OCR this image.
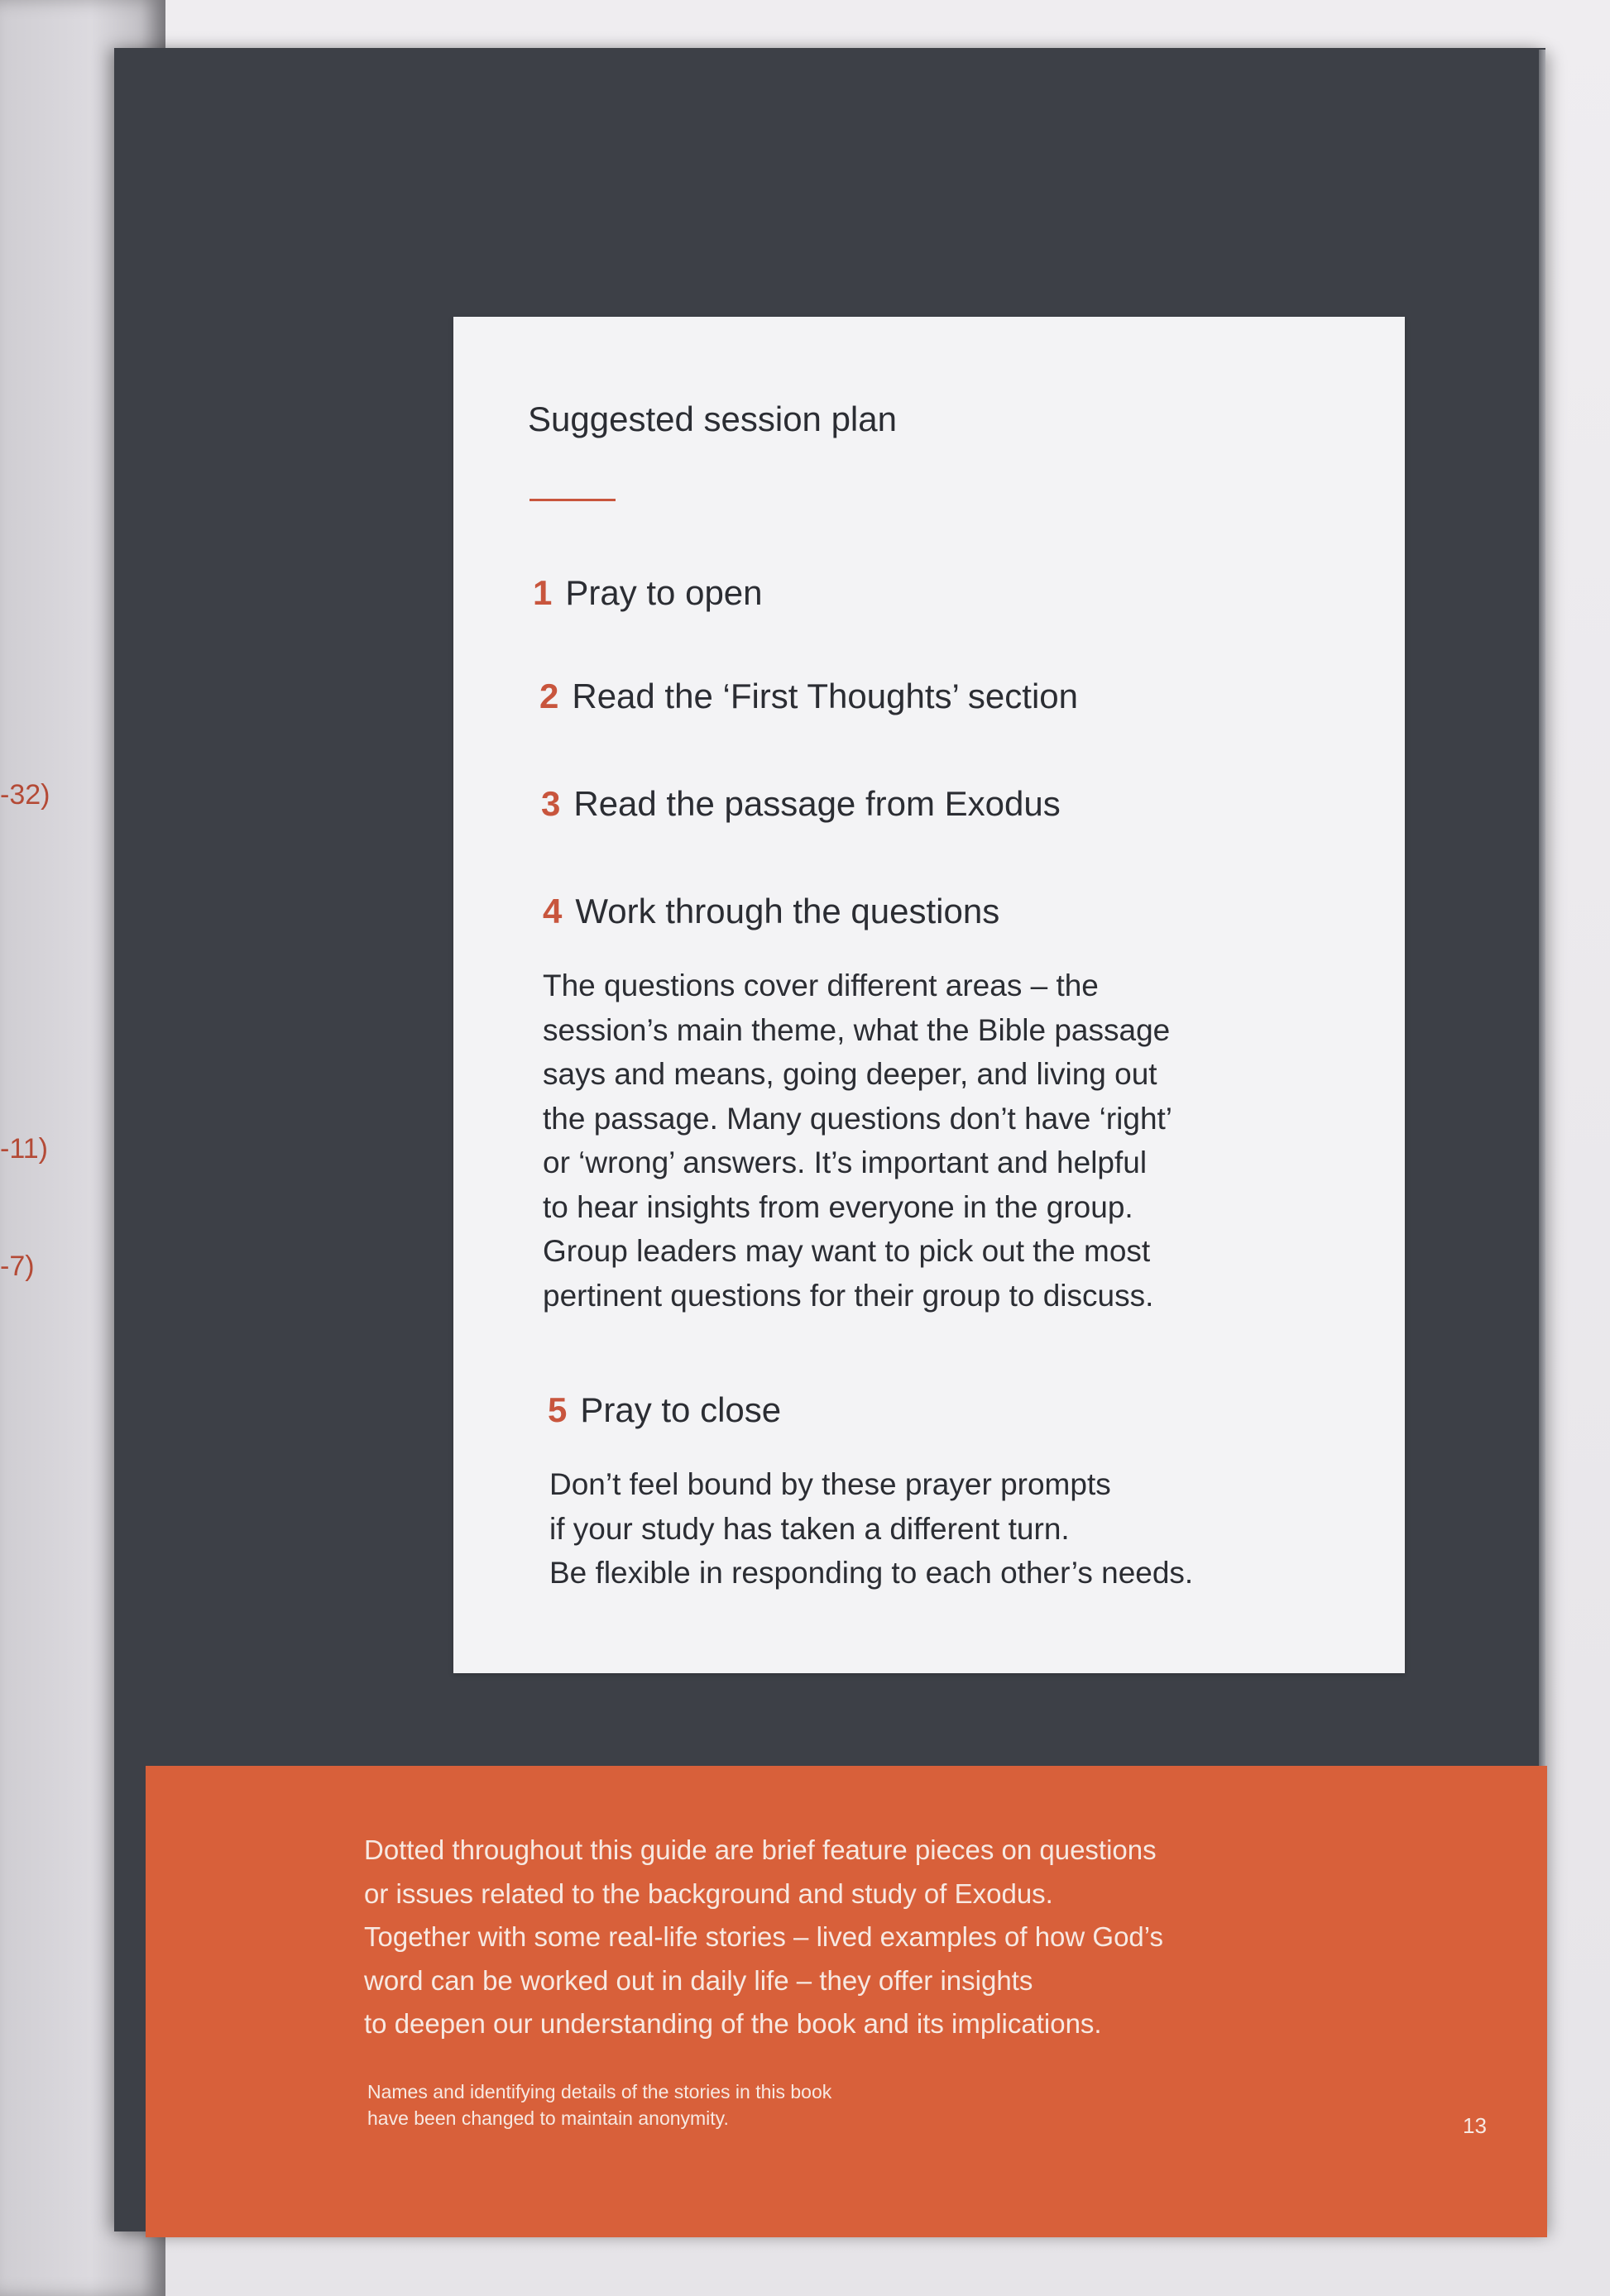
-32)
-11)
-7)
Suggested session plan
1 Pray to open
2 Read the ‘First Thoughts’ section
3 Read the passage from Exodus
4 Work through the questions
The questions cover different areas – the
session’s main theme, what the Bible passage
says and means, going deeper, and living out
the passage. Many questions don’t have ‘right’
or ‘wrong’ answers. It’s important and helpful
to hear insights from everyone in the group.
Group leaders may want to pick out the most
pertinent questions for their group to discuss.
5 Pray to close
Don’t feel bound by these prayer prompts
if your study has taken a different turn.
Be flexible in responding to each other’s needs.
Dotted throughout this guide are brief feature pieces on questions
or issues related to the background and study of Exodus.
Together with some real-life stories – lived examples of how God’s
word can be worked out in daily life – they offer insights
to deepen our understanding of the book and its implications.
Names and identifying details of the stories in this book
have been changed to maintain anonymity.	13
